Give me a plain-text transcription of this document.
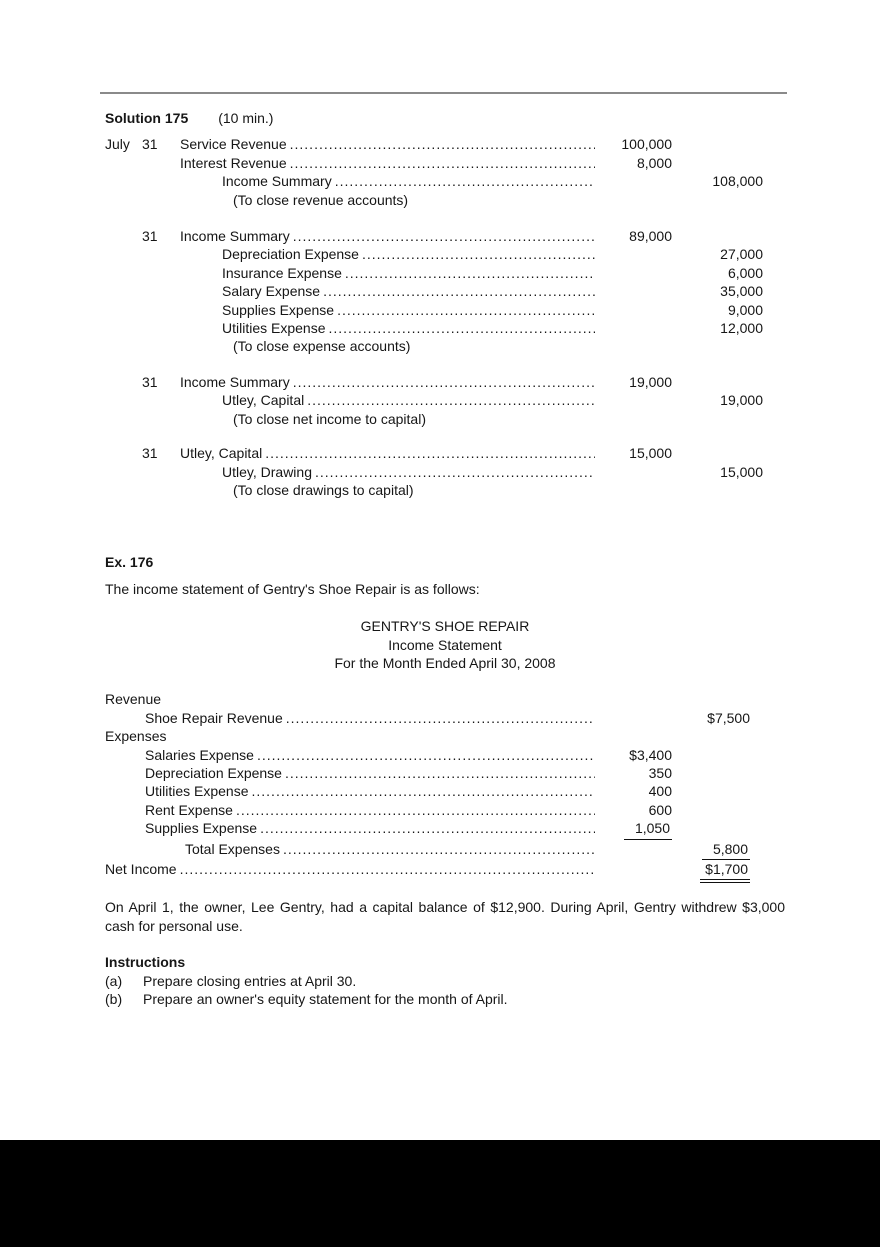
Solution 175 (10 min.)
July 31	Service Revenue .....	100,000
Interest Revenue .....	8,000
Income Summary .....	108,000
(To close revenue accounts)
31	Income Summary .....	89,000
Depreciation Expense .....	27,000
Insurance Expense .....	6,000
Salary Expense .....	35,000
Supplies Expense .....	9,000
Utilities Expense .....	12,000
(To close expense accounts)
31	Income Summary .....	19,000
Utley, Capital .....	19,000
(To close net income to capital)
31	Utley, Capital .....	15,000
Utley, Drawing .....	15,000
(To close drawings to capital)
Ex. 176
The income statement of Gentry's Shoe Repair is as follows:
GENTRY'S SHOE REPAIR
Income Statement
For the Month Ended April 30, 2008
Revenue
Shoe Repair Revenue .....	$7,500
Expenses
Salaries Expense .....	$3,400
Depreciation Expense .....	350
Utilities Expense .....	400
Rent Expense .....	600
Supplies Expense .....	1,050
Total Expenses .....	5,800
Net Income .....	$1,700
On April 1, the owner, Lee Gentry, had a capital balance of $12,900. During April, Gentry withdrew $3,000 cash for personal use.
Instructions
(a)	Prepare closing entries at April 30.
(b)	Prepare an owner's equity statement for the month of April.
